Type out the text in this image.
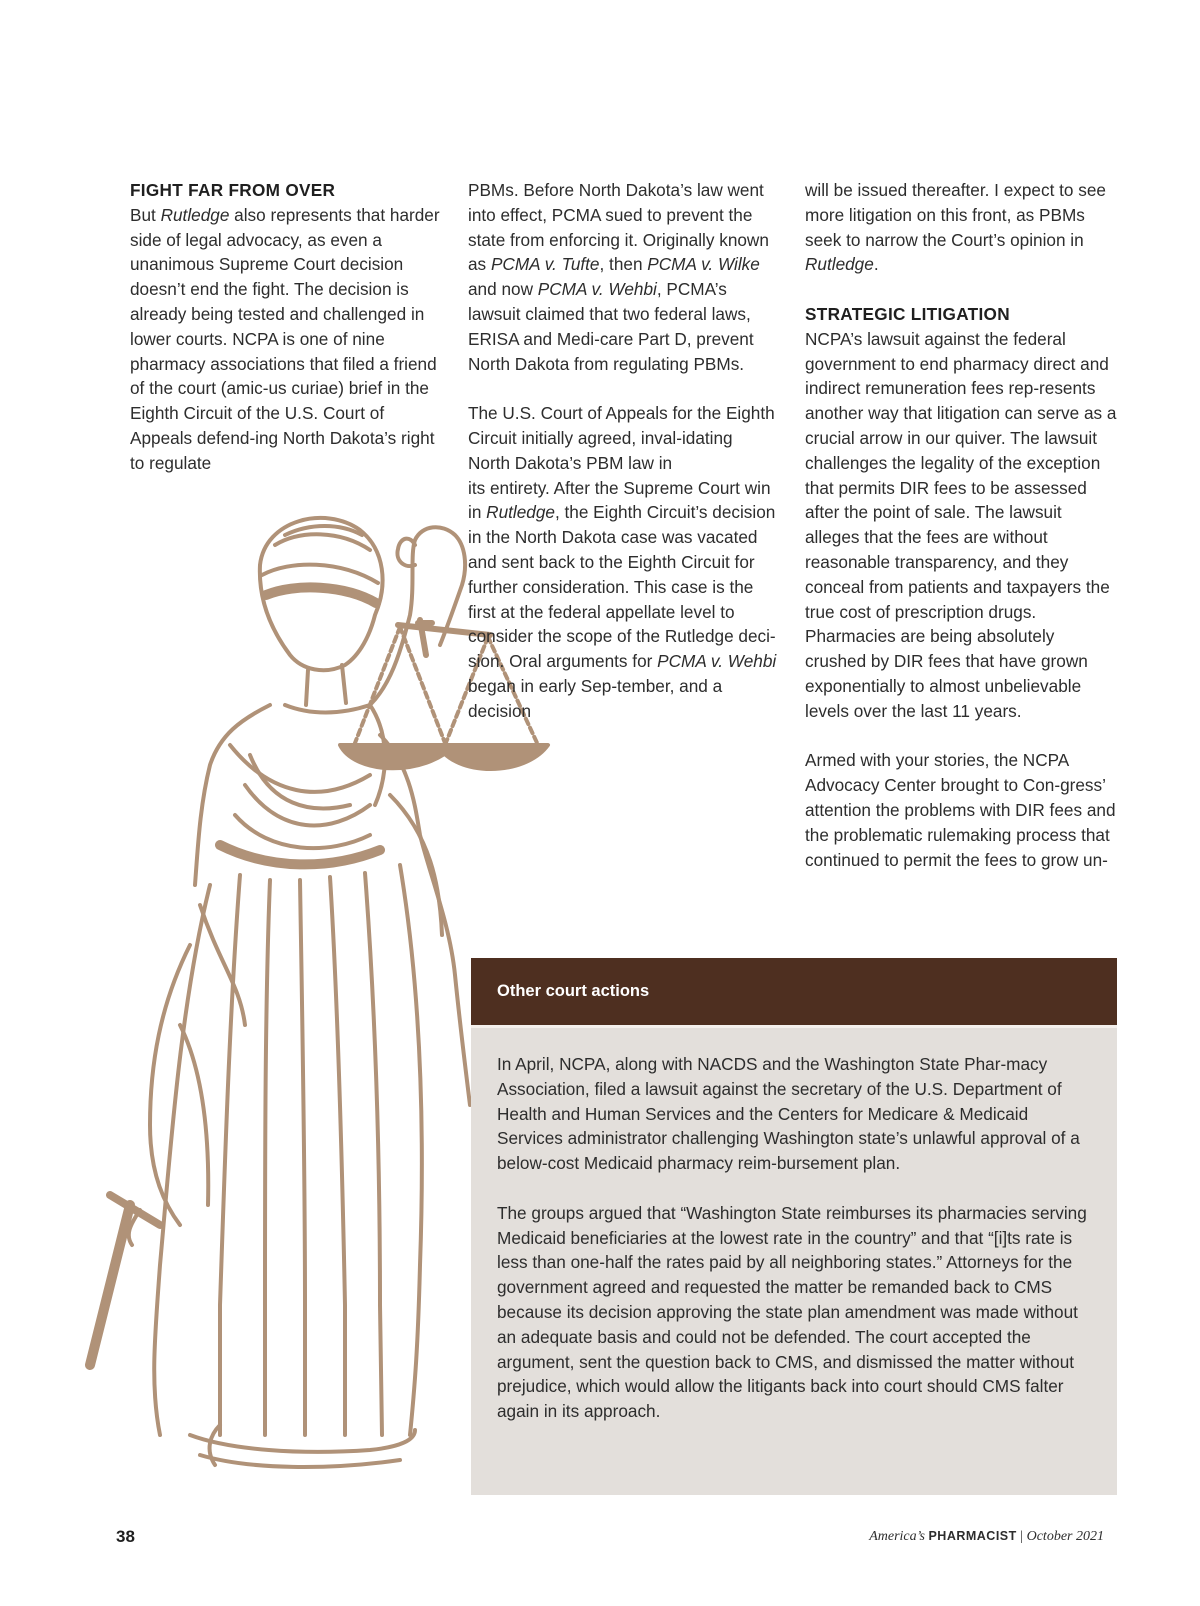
FIGHT FAR FROM OVER

But Rutledge also represents that harder side of legal advocacy, as even a unanimous Supreme Court decision doesn’t end the fight. The decision is already being tested and challenged in lower courts. NCPA is one of nine pharmacy associations that filed a friend of the court (amic-us curiae) brief in the Eighth Circuit of the U.S. Court of Appeals defend-ing North Dakota’s right to regulate

PBMs. Before North Dakota’s law went into effect, PCMA sued to prevent the state from enforcing it. Originally known as PCMA v. Tufte, then PCMA v. Wilke and now PCMA v. Wehbi, PCMA’s lawsuit claimed that two federal laws, ERISA and Medi-care Part D, prevent North Dakota from regulating PBMs.

The U.S. Court of Appeals for the Eighth Circuit initially agreed, inval-idating North Dakota’s PBM law in

its entirety. After the Supreme Court win in Rutledge, the Eighth Circuit’s decision in the North Dakota case was vacated and sent back to the Eighth Circuit for further consideration. This case is the first at the federal appellate level to consider the scope of the Rutledge deci-sion. Oral arguments for PCMA v. Wehbi began in early Sep-tember, and a decision

will be issued thereafter. I expect to see more litigation on this front, as PBMs seek to narrow the Court’s opinion in Rutledge.

STRATEGIC LITIGATION

NCPA’s lawsuit against the federal government to end pharmacy direct and indirect remuneration fees rep-resents another way that litigation can serve as a crucial arrow in our quiver. The lawsuit challenges the legality of the exception that permits DIR fees to be assessed after the point of sale. The lawsuit alleges that the fees are without reasonable transparency, and they conceal from patients and taxpayers the true cost of prescription drugs. Pharmacies are being absolutely crushed by DIR fees that have grown exponentially to almost unbelievable levels over the last 11 years.

Armed with your stories, the NCPA Advocacy Center brought to Con-gress’ attention the problems with DIR fees and the problematic rulemaking process that continued to permit the fees to grow un-

Other court actions

In April, NCPA, along with NACDS and the Washington State Phar-macy Association, filed a lawsuit against the secretary of the U.S. Department of Health and Human Services and the Centers for Medicare & Medicaid Services administrator challenging Washington state’s unlawful approval of a below-cost Medicaid pharmacy reim-bursement plan.

The groups argued that “Washington State reimburses its pharmacies serving Medicaid beneficiaries at the lowest rate in the country” and that “[i]ts rate is less than one-half the rates paid by all neighboring states.” Attorneys for the government agreed and requested the matter be remanded back to CMS because its decision approving the state plan amendment was made without an adequate basis and could not be defended. The court accepted the argument, sent the question back to CMS, and dismissed the matter without prejudice, which would allow the litigants back into court should CMS falter again in its approach.

38	America’s PHARMACIST | October 2021
